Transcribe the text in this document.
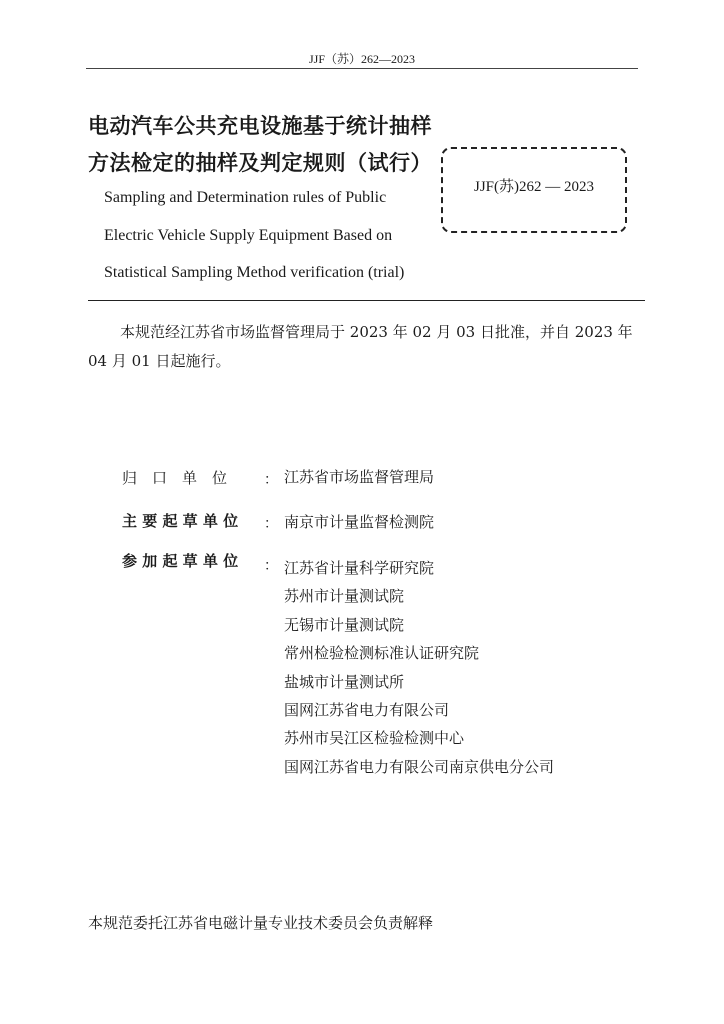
JJF（苏）262—2023
电动汽车公共充电设施基于统计抽样
方法检定的抽样及判定规则（试行）
Sampling and Determination rules of Public
Electric Vehicle Supply Equipment Based on
Statistical Sampling Method verification (trial)
JJF(苏)262 — 2023
本规范经江苏省市场监督管理局于 2023 年 02 月 03 日批准，并自 2023 年 04 月 01 日起施行。
归　口　单　位	： 江苏省市场监督管理局
主 要 起 草 单 位 ： 南京市计量监督检测院
参 加 起 草 单 位 ： 江苏省计量科学研究院
苏州市计量测试院
无锡市计量测试院
常州检验检测标准认证研究院
盐城市计量测试所
国网江苏省电力有限公司
苏州市吴江区检验检测中心
国网江苏省电力有限公司南京供电分公司
本规范委托江苏省电磁计量专业技术委员会负责解释
